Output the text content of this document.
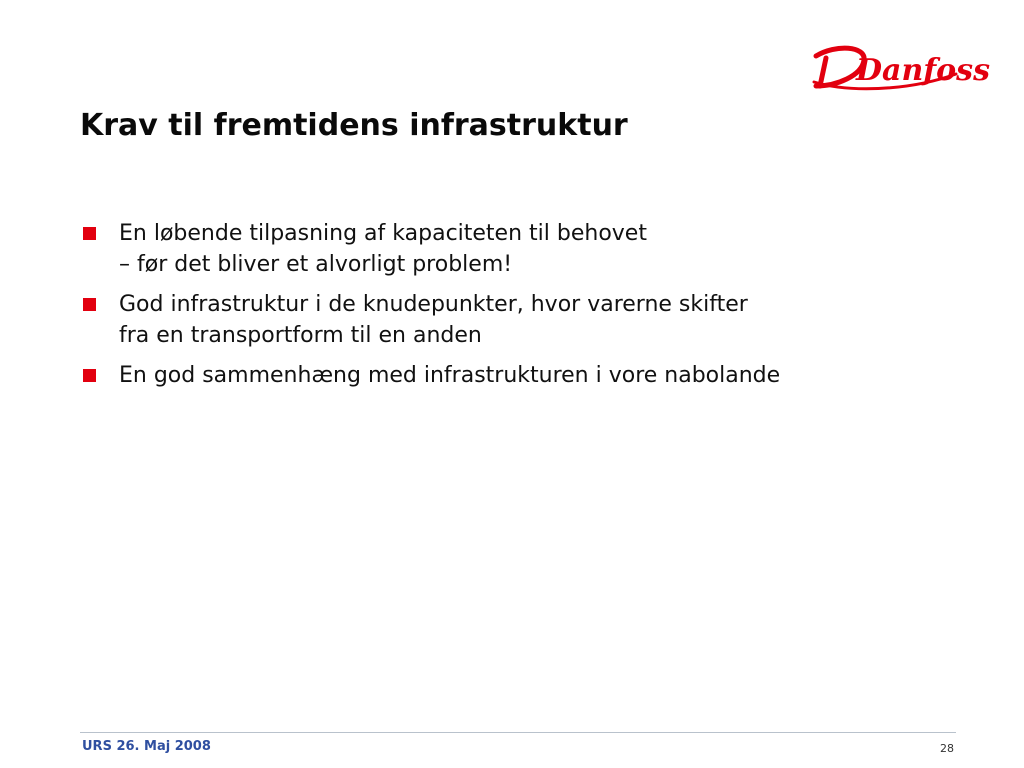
Danfoss
Krav til fremtidens infrastruktur
En løbende tilpasning af kapaciteten til behovet
– før det bliver et alvorligt problem!
God infrastruktur i de knudepunkter, hvor varerne skifter
fra en transportform til en anden
En god sammenhæng med infrastrukturen i vore nabolande
URS 26. Maj 2008	28
